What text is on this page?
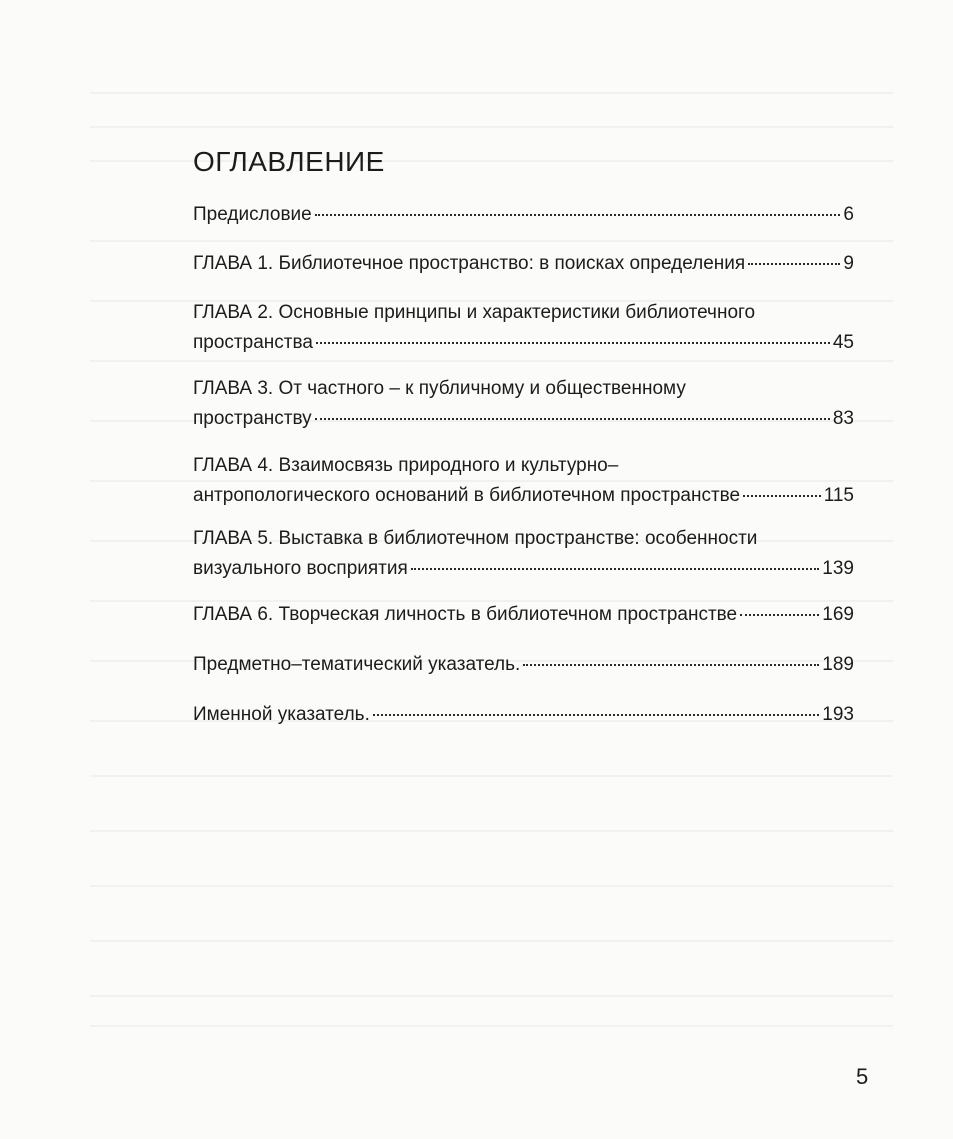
ОГЛАВЛЕНИЕ
Предисловие	6
ГЛАВА 1. Библиотечное пространство: в поисках определения	9
ГЛАВА 2. Основные принципы и характеристики библиотечного
пространства	45
ГЛАВА 3. От частного – к публичному и общественному
пространству	83
ГЛАВА 4. Взаимосвязь природного и культурно–
антропологического оснований в библиотечном пространстве	115
ГЛАВА 5. Выставка в библиотечном пространстве: особенности
визуального восприятия	139
ГЛАВА 6. Творческая личность в библиотечном пространстве	169
Предметно–тематический указатель.	189
Именной указатель.	193
5
